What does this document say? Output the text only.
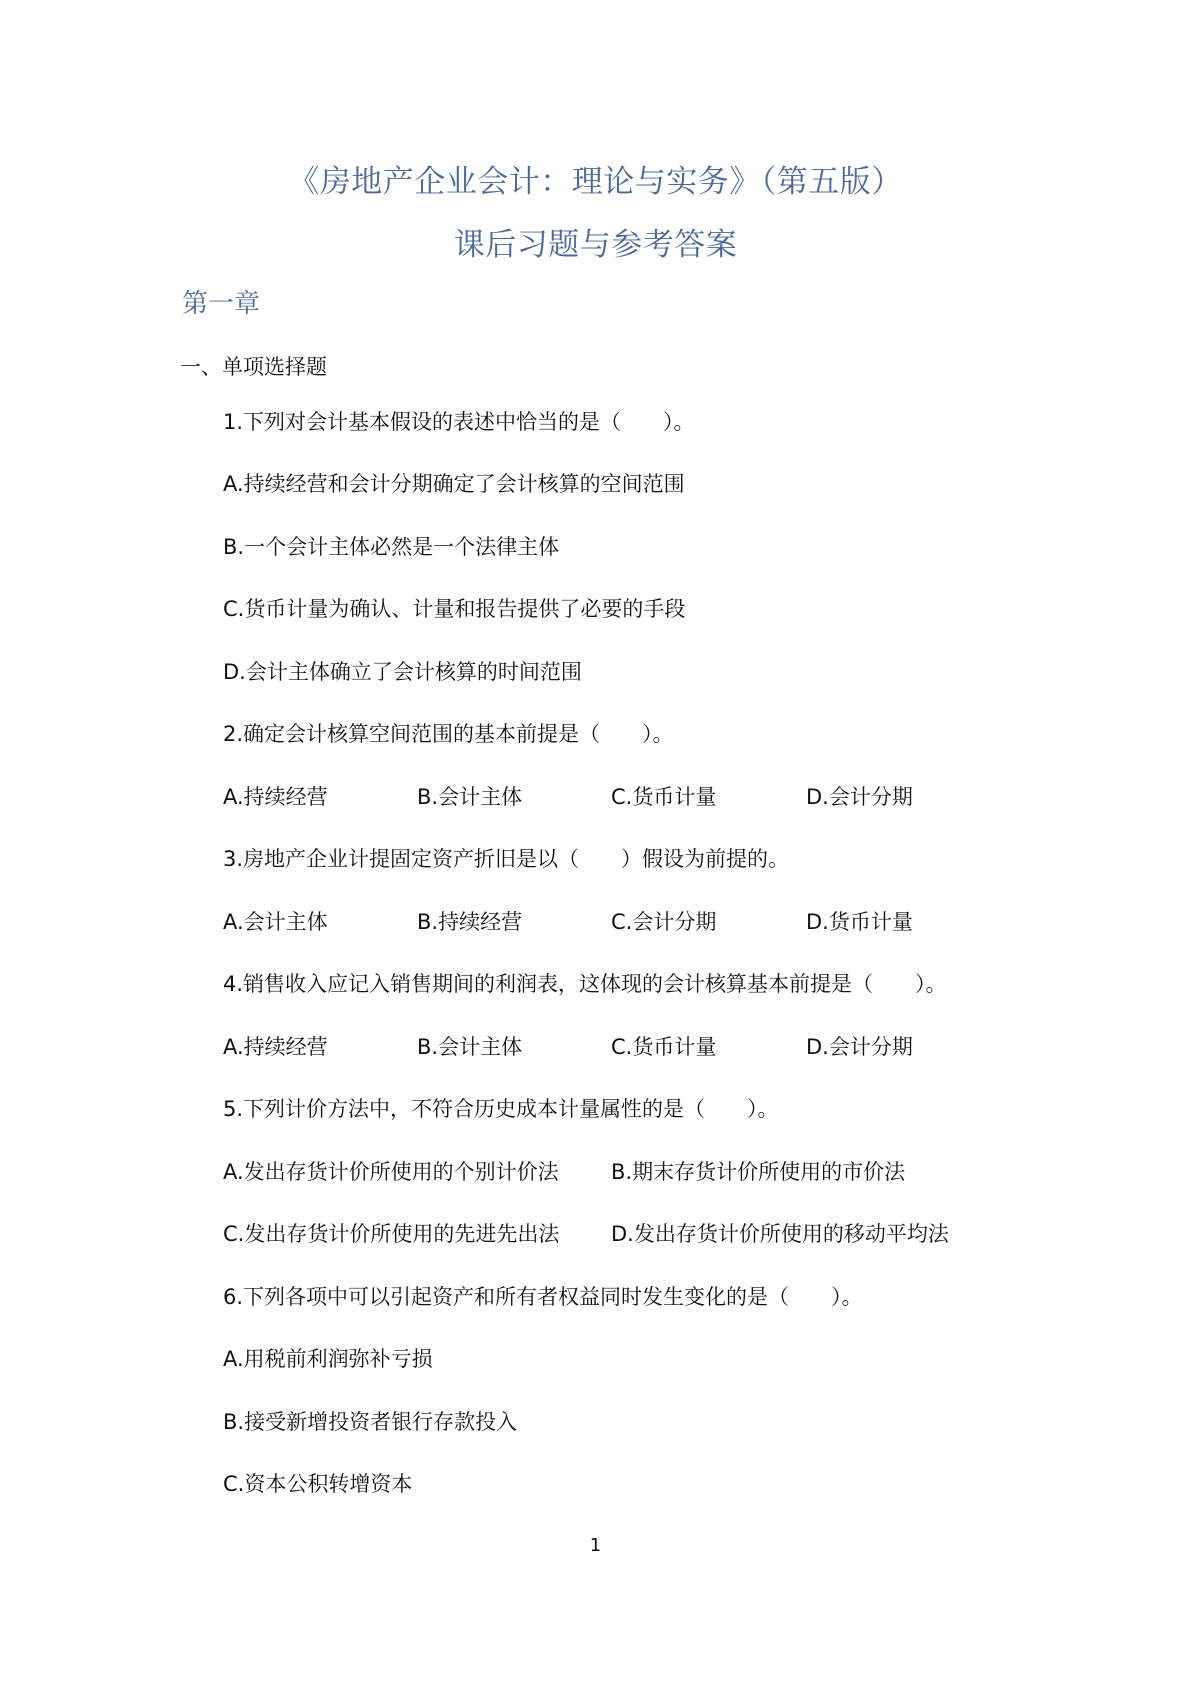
《房地产企业会计：理论与实务》（第五版）
课后习题与参考答案
第一章
一、单项选择题
1.下列对会计基本假设的表述中恰当的是（　　）。
A.持续经营和会计分期确定了会计核算的空间范围
B.一个会计主体必然是一个法律主体
C.货币计量为确认、计量和报告提供了必要的手段
D.会计主体确立了会计核算的时间范围
2.确定会计核算空间范围的基本前提是（　　）。
A.持续经营	B.会计主体	C.货币计量	D.会计分期
3.房地产企业计提固定资产折旧是以（　　）假设为前提的。
A.会计主体	B.持续经营	C.会计分期	D.货币计量
4.销售收入应记入销售期间的利润表，这体现的会计核算基本前提是（　　）。
A.持续经营	B.会计主体	C.货币计量	D.会计分期
5.下列计价方法中，不符合历史成本计量属性的是（　　）。
A.发出存货计价所使用的个别计价法 B.期末存货计价所使用的市价法
C.发出存货计价所使用的先进先出法 D.发出存货计价所使用的移动平均法
6.下列各项中可以引起资产和所有者权益同时发生变化的是（　　）。
A.用税前利润弥补亏损
B.接受新增投资者银行存款投入
C.资本公积转增资本
1
